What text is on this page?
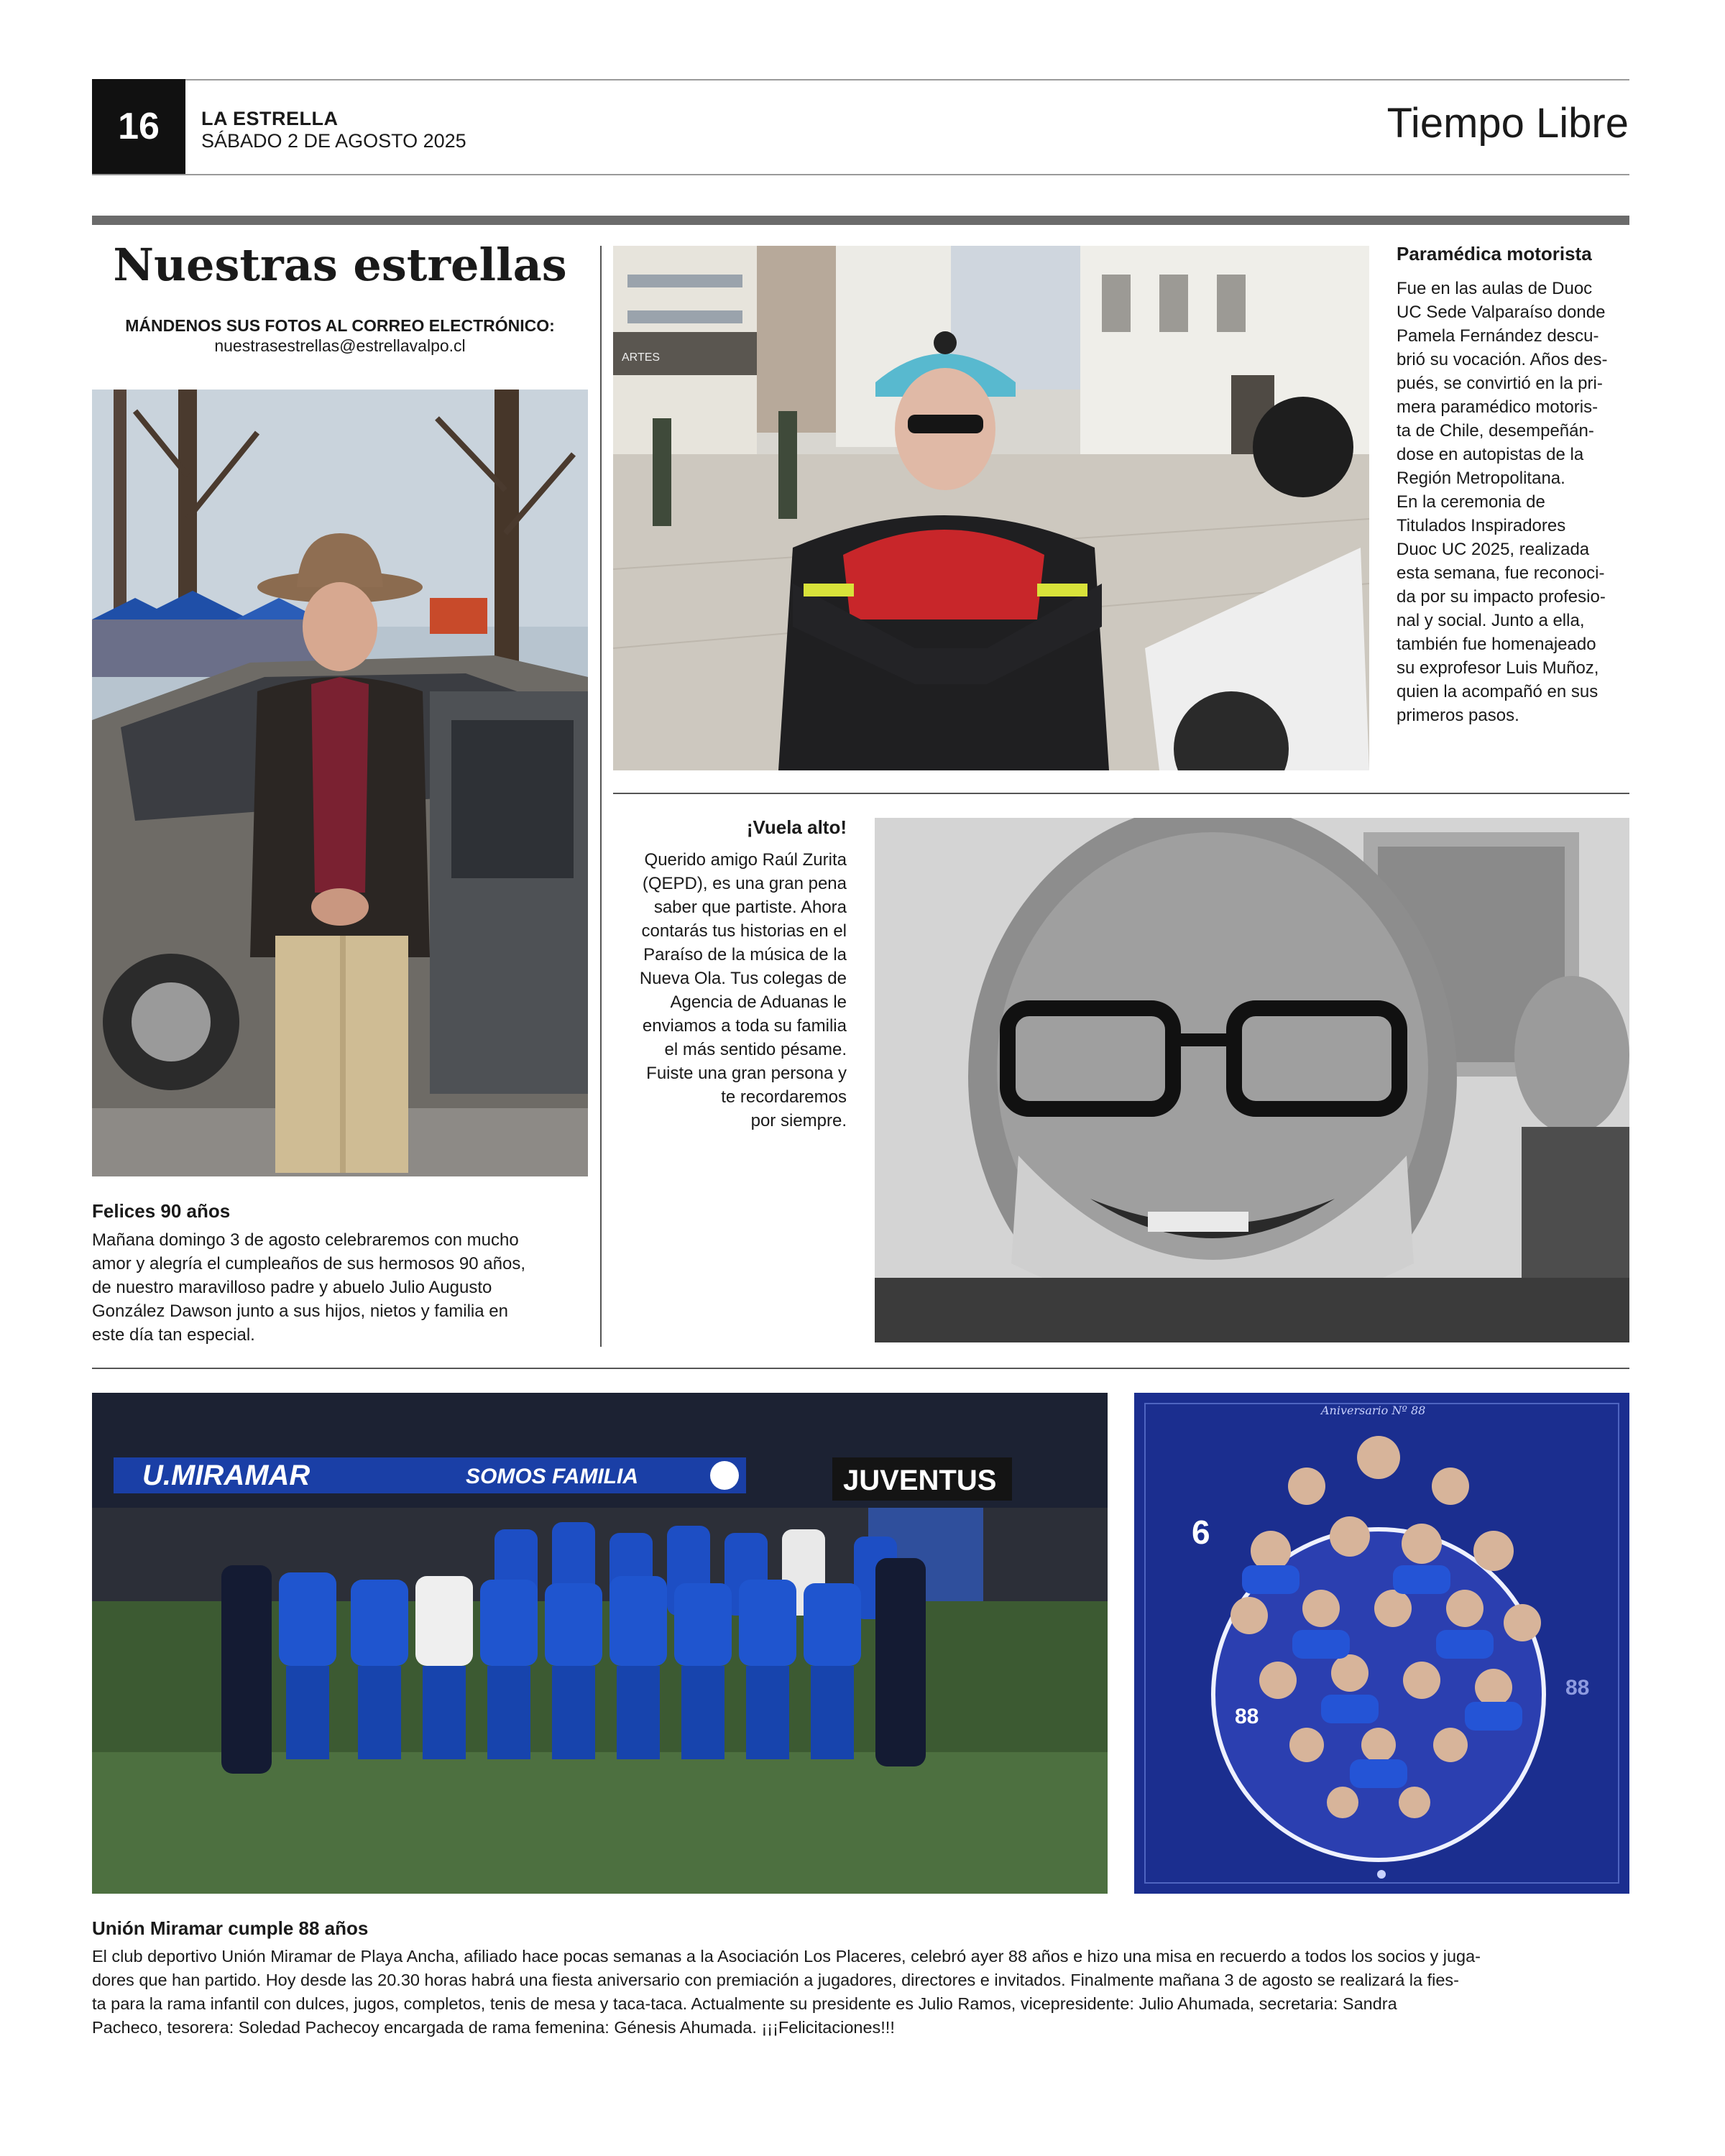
16	LA ESTRELLA
SÁBADO 2 DE AGOSTO 2025	Tiempo Libre
Nuestras estrellas
MÁNDENOS SUS FOTOS AL CORREO ELECTRÓNICO:
nuestrasestrellas@estrellavalpo.cl
Felices 90 años
Mañana domingo 3 de agosto celebraremos con mucho
amor y alegría el cumpleaños de sus hermosos 90 años,
de nuestro maravilloso padre y abuelo Julio Augusto
González Dawson junto a sus hijos, nietos y familia en
este día tan especial.
ARTES
Paramédica motorista
Fue en las aulas de Duoc
UC Sede Valparaíso donde
Pamela Fernández descu-
brió su vocación. Años des-
pués, se convirtió en la pri-
mera paramédico motoris-
ta de Chile, desempeñán-
dose en autopistas de la
Región Metropolitana.
En la ceremonia de
Titulados Inspiradores
Duoc UC 2025, realizada
esta semana, fue reconoci-
da por su impacto profesio-
nal y social. Junto a ella,
también fue homenajeado
su exprofesor Luis Muñoz,
quien la acompañó en sus
primeros pasos.
¡Vuela alto!
Querido amigo Raúl Zurita
(QEPD), es una gran pena
saber que partiste. Ahora
contarás tus historias en el
Paraíso de la música de la
Nueva Ola. Tus colegas de
Agencia de Aduanas le
enviamos a toda su familia
el más sentido pésame.
Fuiste una gran persona y
te recordaremos
por siempre.
U.MIRAMAR	SOMOS FAMILIA	JUVENTUS
Aniversario Nº 88
6
88
88
Unión Miramar cumple 88 años
El club deportivo Unión Miramar de Playa Ancha, afiliado hace pocas semanas a la Asociación Los Placeres, celebró ayer 88 años e hizo una misa en recuerdo a todos los socios y juga-
dores que han partido. Hoy desde las 20.30 horas habrá una fiesta aniversario con premiación a jugadores, directores e invitados. Finalmente mañana 3 de agosto se realizará la fies-
ta para la rama infantil con dulces, jugos, completos, tenis de mesa y taca-taca. Actualmente su presidente es Julio Ramos, vicepresidente: Julio Ahumada, secretaria: Sandra
Pacheco, tesorera: Soledad Pachecoy encargada de rama femenina: Génesis Ahumada. ¡¡¡Felicitaciones!!!
